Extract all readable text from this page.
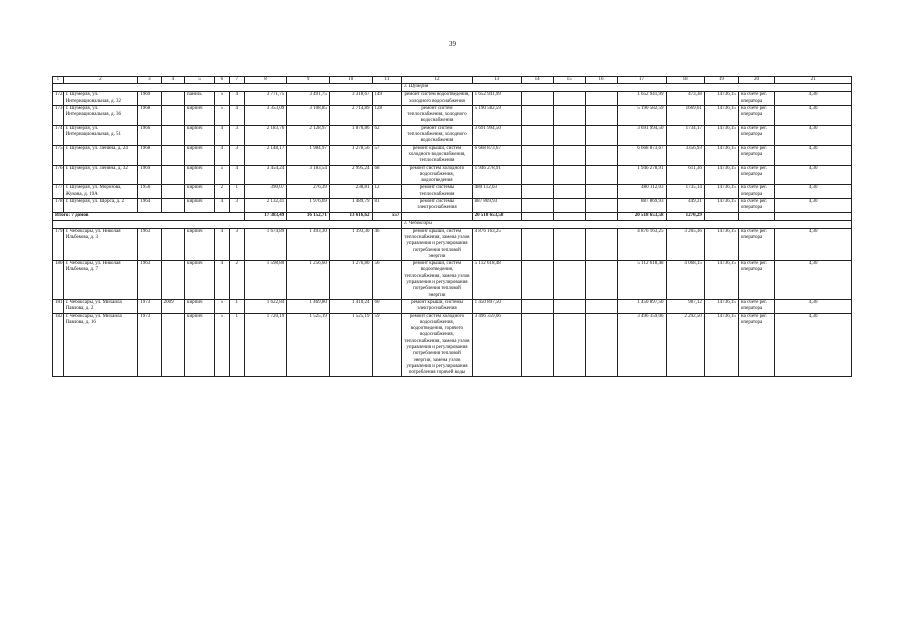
39
1	2	3	4	5	6	7	8	9	10	11	12	13	14	15	16	17	18	19	20	21
											г. Шумерля									
172	г. Шумерля, ул. Интернациональная, д. 32	1969		панель	5	4	3 771,75	3 491,75	3 318,67	149	ремонт систем водоотведения, холодного водоснабжения	1 652 941,99				1 652 941,99	473,38	14736,15	на счете рег. оператора	4,30
173	г. Шумерля, ул. Интернациональная, д. 36	1968		кирпич	5	4	3 353,09	3 108,85	2 714,89	128	ремонт систем теплоснабжения, холодного водоснабжения	5 190 582,59				5 190 582,59	1669,61	14736,15	на счете рег. оператора	4,30
174	г. Шумерля, ул. Интернациональная, д. 51	1966		кирпич	4	3	2 183,76	2 128,97	1 870,86	62	ремонт систем теплоснабжения, холодного водоснабжения	3 691 994,50				3 691 994,50	1734,17	14736,15	на счете рег. оператора	4,30
175	г. Шумерля, ул. Ленина, д. 24	1968		кирпич	4	3	2 148,17	1 984,97	1 278,56	57	ремонт крыши, систем холодного водоснабжения, теплоснабжения	6 668 873,67				6 668 873,67	3356,93	14736,15	на счете рег. оператора	4,30
176	г. Шумерля, ул. Ленина, д. 32	1969		кирпич	5	4	3 454,24	3 183,54	2 995,24	68	ремонт систем холодного водоснабжения, водоотведения	1 946 278,91				1 946 278,91	611,36	14736,15	на счете рег. оператора	4,30
177	г. Шумерля, ул. Морозова, Жукова, д. 19А	1956		кирпич	2	1	390,07	276,39	238,81	12	ремонт системы теплоснабжения	480 112,03				480 112,03	1735,14	14736,15	на счете рег. оператора	4,30
178	г. Шумерля, ул. Щорса, д. 2	1964		кирпич	4	3	2 132,41	1 976,69	1 489,79	81	ремонт системы электроснабжения	887 869,93				887 869,93	449,31	14736,15	на счете рег. оператора	4,30
Итого: 7 домов							17 383,49	16 152,71	13 616,62	557		20 518 653,58				20 518 653,58	1270,29			
											г. Чебоксары									
179	г. Чебоксары, ул. Николая Ильбекова, д. 3	1963		кирпич	4	3	1 674,89	1 493,30	1 393,30	46	ремонт крыши, систем теплоснабжения, замена узлов управления и регулирования потребления тепловой энергии	4 876 163,25				4 876 163,25	3 265,36	14736,15	на счете рег. оператора	4,30
180	г. Чебоксары, ул. Николая Ильбекова, д. 7	1963		кирпич	4	2	1 598,80	1 256,60	1 276,80	56	ремонт крыши, систем водоотведения, теплоснабжения, замена узлов управления и регулирования потребления тепловой энергии	5 112 618,48				5 112 618,48	4 068,15	14736,15	на счете рег. оператора	4,30
181	г. Чебоксары, ул. Михаила Павлова, д. 2	1973	2009	кирпич	5	1	1 622,84	1 469,80	1 410,24	60	ремонт крыши, системы электроснабжения	1 450 897,50				1 450 897,50	987,12	14736,15	на счете рег. оператора	4,30
182	г. Чебоксары, ул. Михаила Павлова, д. 16	1973		кирпич	5	1	1 720,19	1 525,19	1 525,19	59	ремонт систем холодного водоснабжения, водоотведения, горячего водоснабжения, теплоснабжения, замена узлов управления и регулирования потребления тепловой энергии, замена узлов управления и регулирования потребления горячей воды	3 496 359,06				3 496 359,06	2 292,50	14736,15	на счете рег. оператора	4,30
